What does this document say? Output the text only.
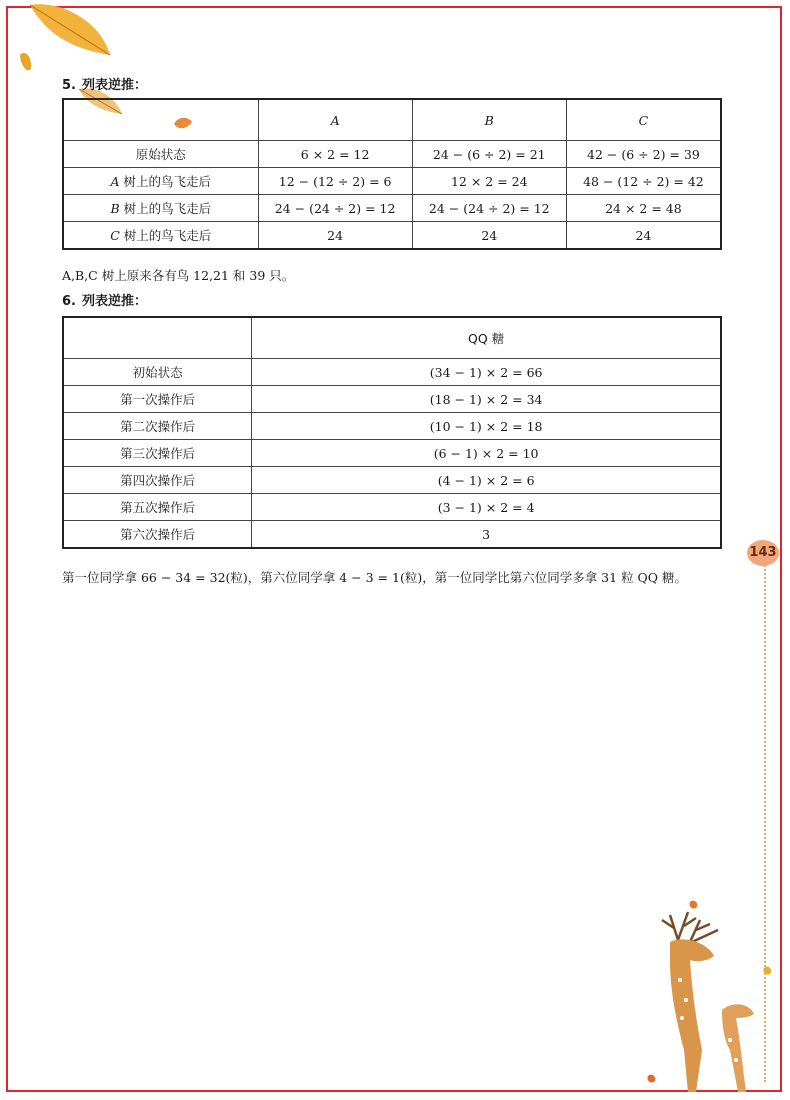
5. 列表逆推：
	A	B	C
原始状态	6 × 2 = 12	24 − (6 ÷ 2) = 21	42 − (6 ÷ 2) = 39
A 树上的鸟飞走后	12 − (12 ÷ 2) = 6	12 × 2 = 24	48 − (12 ÷ 2) = 42
B 树上的鸟飞走后	24 − (24 ÷ 2) = 12	24 − (24 ÷ 2) = 12	24 × 2 = 48
C 树上的鸟飞走后	24	24	24
A,B,C 树上原来各有鸟 12,21 和 39 只。
6. 列表逆推：
	QQ 糖
初始状态	(34 − 1) × 2 = 66
第一次操作后	(18 − 1) × 2 = 34
第二次操作后	(10 − 1) × 2 = 18
第三次操作后	(6 − 1) × 2 = 10
第四次操作后	(4 − 1) × 2 = 6
第五次操作后	(3 − 1) × 2 = 4
第六次操作后	3
第一位同学拿 66 − 34 = 32(粒)，第六位同学拿 4 − 3 = 1(粒)，第一位同学比第六位同学多拿 31 粒 QQ 糖。
143
